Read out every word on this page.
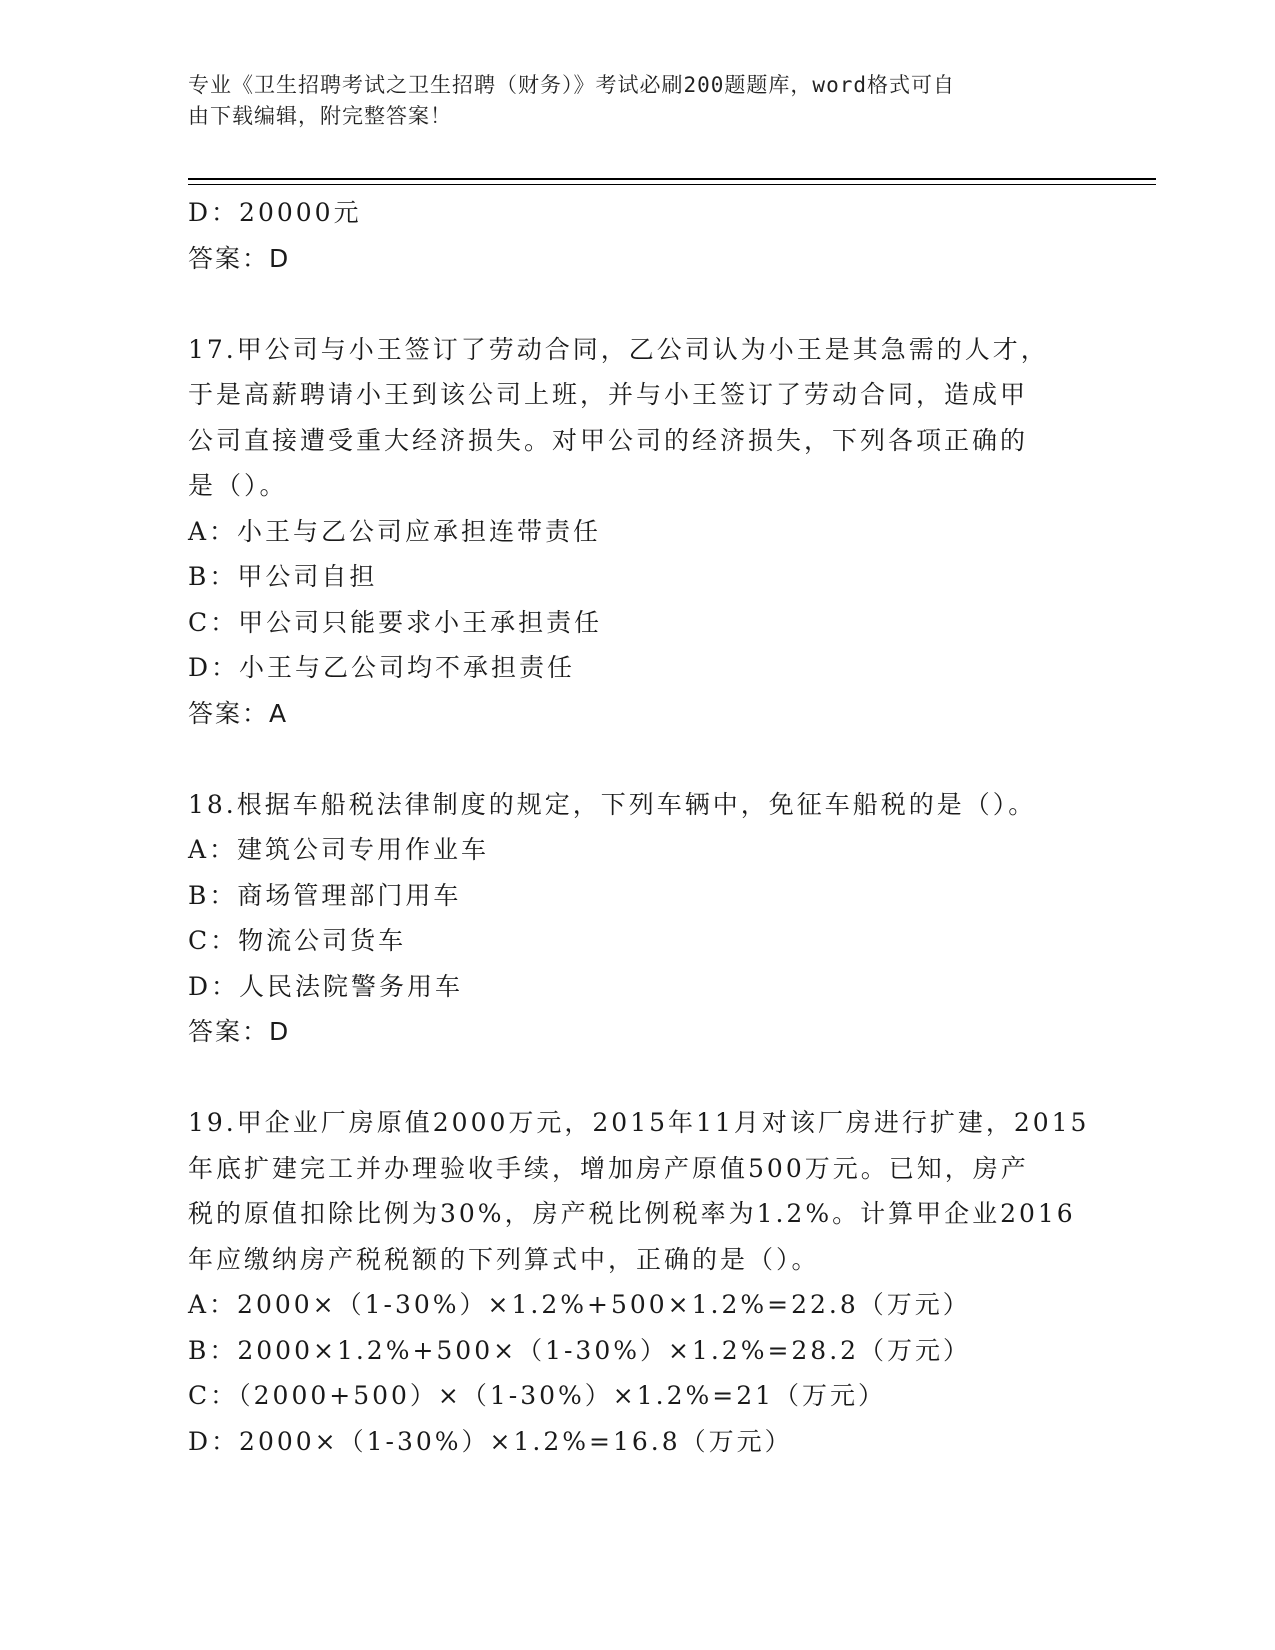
专业《卫生招聘考试之卫生招聘（财务）》考试必刷200题题库，word格式可自
由下载编辑，附完整答案！
D：20000元
答案：D
17.甲公司与小王签订了劳动合同，乙公司认为小王是其急需的人才，
于是高薪聘请小王到该公司上班，并与小王签订了劳动合同，造成甲
公司直接遭受重大经济损失。对甲公司的经济损失，下列各项正确的
是（）。
A：小王与乙公司应承担连带责任
B：甲公司自担
C：甲公司只能要求小王承担责任
D：小王与乙公司均不承担责任
答案：A
18.根据车船税法律制度的规定，下列车辆中，免征车船税的是（）。
A：建筑公司专用作业车
B：商场管理部门用车
C：物流公司货车
D：人民法院警务用车
答案：D
19.甲企业厂房原值2000万元，2015年11月对该厂房进行扩建，2015
年底扩建完工并办理验收手续，增加房产原值500万元。已知，房产
税的原值扣除比例为30%，房产税比例税率为1.2%。计算甲企业2016
年应缴纳房产税税额的下列算式中，正确的是（）。
A：2000×（1-30%）×1.2%+500×1.2%=22.8（万元）
B：2000×1.2%+500×（1-30%）×1.2%=28.2（万元）
C：（2000+500）×（1-30%）×1.2%=21（万元）
D：2000×（1-30%）×1.2%=16.8（万元）
